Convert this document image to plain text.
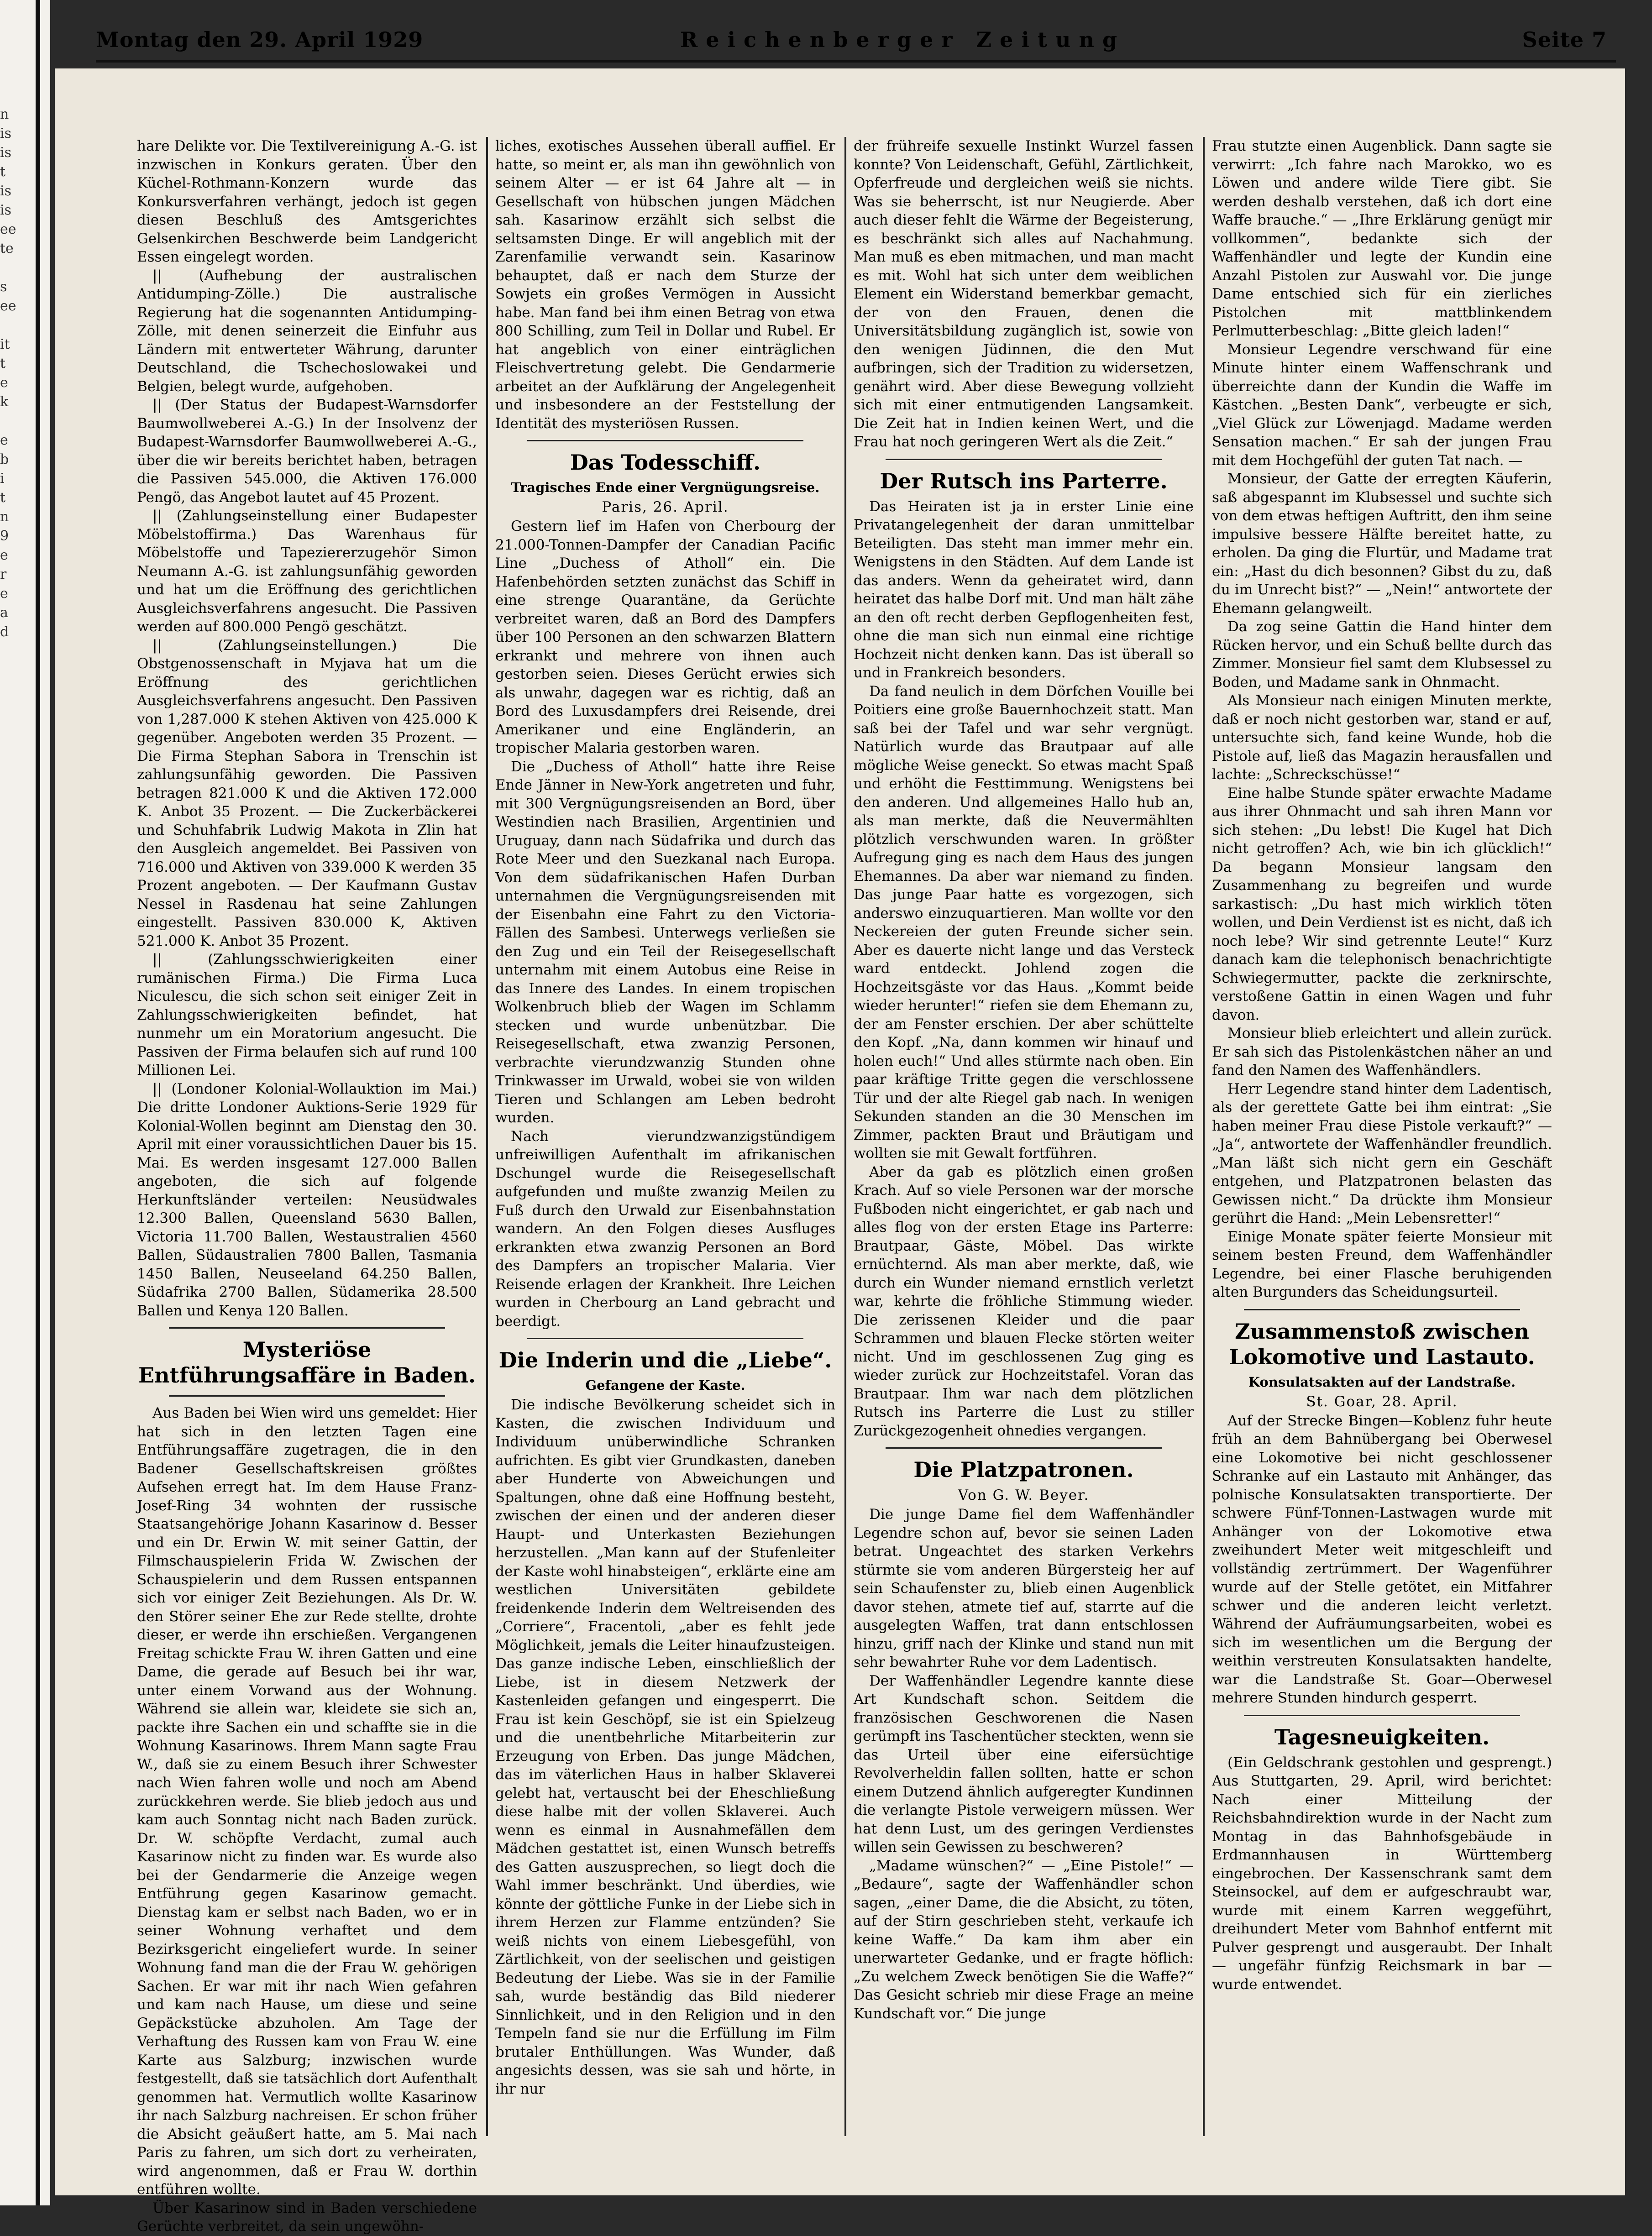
n
is
is
t
is
is
ee
te

s
ee

it
t
e
k

e
b
i
t
n
9
e
r
e
a
d
Montag den 29. April 1929	Reichenberger Zeitung	Seite 7

hare Delikte vor. Die Textilvereinigung A.-G. ist inzwischen in Konkurs geraten. Über den Küchel-Rothmann-Konzern wurde das Konkursverfahren verhängt, jedoch ist gegen diesen Beschluß des Amtsgerichtes Gelsenkirchen Beschwerde beim Landgericht Essen eingelegt worden.

|| (Aufhebung der australischen Antidumping-Zölle.) Die australische Regierung hat die sogenannten Antidumping-Zölle, mit denen seinerzeit die Einfuhr aus Ländern mit entwerteter Währung, darunter Deutschland, die Tschechoslowakei und Belgien, belegt wurde, aufgehoben.

|| (Der Status der Budapest-Warnsdorfer Baumwollweberei A.-G.) In der Insolvenz der Budapest-Warnsdorfer Baumwollweberei A.-G., über die wir bereits berichtet haben, betragen die Passiven 545.000, die Aktiven 176.000 Pengö, das Angebot lautet auf 45 Prozent.

|| (Zahlungseinstellung einer Budapester Möbelstoffirma.) Das Warenhaus für Möbelstoffe und Tapeziererzugehör Simon Neumann A.-G. ist zahlungsunfähig geworden und hat um die Eröffnung des gerichtlichen Ausgleichsverfahrens angesucht. Die Passiven werden auf 800.000 Pengö geschätzt.

|| (Zahlungseinstellungen.) Die Obstgenossenschaft in Myjava hat um die Eröffnung des gerichtlichen Ausgleichsverfahrens angesucht. Den Passiven von 1,287.000 K stehen Aktiven von 425.000 K gegenüber. Angeboten werden 35 Prozent. — Die Firma Stephan Sabora in Trenschin ist zahlungsunfähig geworden. Die Passiven betragen 821.000 K und die Aktiven 172.000 K. Anbot 35 Prozent. — Die Zuckerbäckerei und Schuhfabrik Ludwig Makota in Zlin hat den Ausgleich angemeldet. Bei Passiven von 716.000 und Aktiven von 339.000 K werden 35 Prozent angeboten. — Der Kaufmann Gustav Nessel in Rasdenau hat seine Zahlungen eingestellt. Passiven 830.000 K, Aktiven 521.000 K. Anbot 35 Prozent.

|| (Zahlungsschwierigkeiten einer rumänischen Firma.) Die Firma Luca Niculescu, die sich schon seit einiger Zeit in Zahlungsschwierigkeiten befindet, hat nunmehr um ein Moratorium angesucht. Die Passiven der Firma belaufen sich auf rund 100 Millionen Lei.

|| (Londoner Kolonial-Wollauktion im Mai.) Die dritte Londoner Auktions-Serie 1929 für Kolonial-Wollen beginnt am Dienstag den 30. April mit einer voraussichtlichen Dauer bis 15. Mai. Es werden insgesamt 127.000 Ballen angeboten, die sich auf folgende Herkunftsländer verteilen: Neusüdwales 12.300 Ballen, Queensland 5630 Ballen, Victoria 11.700 Ballen, Westaustralien 4560 Ballen, Südaustralien 7800 Ballen, Tasmania 1450 Ballen, Neuseeland 64.250 Ballen, Südafrika 2700 Ballen, Südamerika 28.500 Ballen und Kenya 120 Ballen.

Mysteriöse Entführungsaffäre in Baden.

Aus Baden bei Wien wird uns gemeldet: Hier hat sich in den letzten Tagen eine Entführungsaffäre zugetragen, die in den Badener Gesellschaftskreisen größtes Aufsehen erregt hat. Im dem Hause Franz-Josef-Ring 34 wohnten der russische Staatsangehörige Johann Kasarinow d. Besser und ein Dr. Erwin W. mit seiner Gattin, der Filmschauspielerin Frida W. Zwischen der Schauspielerin und dem Russen entspannen sich vor einiger Zeit Beziehungen. Als Dr. W. den Störer seiner Ehe zur Rede stellte, drohte dieser, er werde ihn erschießen. Vergangenen Freitag schickte Frau W. ihren Gatten und eine Dame, die gerade auf Besuch bei ihr war, unter einem Vorwand aus der Wohnung. Während sie allein war, kleidete sie sich an, packte ihre Sachen ein und schaffte sie in die Wohnung Kasarinows. Ihrem Mann sagte Frau W., daß sie zu einem Besuch ihrer Schwester nach Wien fahren wolle und noch am Abend zurückkehren werde. Sie blieb jedoch aus und kam auch Sonntag nicht nach Baden zurück. Dr. W. schöpfte Verdacht, zumal auch Kasarinow nicht zu finden war. Es wurde also bei der Gendarmerie die Anzeige wegen Entführung gegen Kasarinow gemacht. Dienstag kam er selbst nach Baden, wo er in seiner Wohnung verhaftet und dem Bezirksgericht eingeliefert wurde. In seiner Wohnung fand man die der Frau W. gehörigen Sachen. Er war mit ihr nach Wien gefahren und kam nach Hause, um diese und seine Gepäckstücke abzuholen. Am Tage der Verhaftung des Russen kam von Frau W. eine Karte aus Salzburg; inzwischen wurde festgestellt, daß sie tatsächlich dort Aufenthalt genommen hat. Vermutlich wollte Kasarinow ihr nach Salzburg nachreisen. Er schon früher die Absicht geäußert hatte, am 5. Mai nach Paris zu fahren, um sich dort zu verheiraten, wird angenommen, daß er Frau W. dorthin entführen wollte.

Über Kasarinow sind in Baden verschiedene Gerüchte verbreitet, da sein ungewöhn-

liches, exotisches Aussehen überall auffiel. Er hatte, so meint er, als man ihn gewöhnlich von seinem Alter — er ist 64 Jahre alt — in Gesellschaft von hübschen jungen Mädchen sah. Kasarinow erzählt sich selbst die seltsamsten Dinge. Er will angeblich mit der Zarenfamilie verwandt sein. Kasarinow behauptet, daß er nach dem Sturze der Sowjets ein großes Vermögen in Aussicht habe. Man fand bei ihm einen Betrag von etwa 800 Schilling, zum Teil in Dollar und Rubel. Er hat angeblich von einer einträglichen Fleischvertretung gelebt. Die Gendarmerie arbeitet an der Aufklärung der Angelegenheit und insbesondere an der Feststellung der Identität des mysteriösen Russen.

Das Todesschiff.
Tragisches Ende einer Vergnügungsreise.
Paris, 26. April.

Gestern lief im Hafen von Cherbourg der 21.000-Tonnen-Dampfer der Canadian Pacific Line „Duchess of Atholl“ ein. Die Hafenbehörden setzten zunächst das Schiff in eine strenge Quarantäne, da Gerüchte verbreitet waren, daß an Bord des Dampfers über 100 Personen an den schwarzen Blattern erkrankt und mehrere von ihnen auch gestorben seien. Dieses Gerücht erwies sich als unwahr, dagegen war es richtig, daß an Bord des Luxusdampfers drei Reisende, drei Amerikaner und eine Engländerin, an tropischer Malaria gestorben waren.

Die „Duchess of Atholl“ hatte ihre Reise Ende Jänner in New-York angetreten und fuhr, mit 300 Vergnügungsreisenden an Bord, über Westindien nach Brasilien, Argentinien und Uruguay, dann nach Südafrika und durch das Rote Meer und den Suezkanal nach Europa. Von dem südafrikanischen Hafen Durban unternahmen die Vergnügungsreisenden mit der Eisenbahn eine Fahrt zu den Victoria-Fällen des Sambesi. Unterwegs verließen sie den Zug und ein Teil der Reisegesellschaft unternahm mit einem Autobus eine Reise in das Innere des Landes. In einem tropischen Wolkenbruch blieb der Wagen im Schlamm stecken und wurde unbenützbar. Die Reisegesellschaft, etwa zwanzig Personen, verbrachte vierundzwanzig Stunden ohne Trinkwasser im Urwald, wobei sie von wilden Tieren und Schlangen am Leben bedroht wurden.

Nach vierundzwanzigstündigem unfreiwilligen Aufenthalt im afrikanischen Dschungel wurde die Reisegesellschaft aufgefunden und mußte zwanzig Meilen zu Fuß durch den Urwald zur Eisenbahnstation wandern. An den Folgen dieses Ausfluges erkrankten etwa zwanzig Personen an Bord des Dampfers an tropischer Malaria. Vier Reisende erlagen der Krankheit. Ihre Leichen wurden in Cherbourg an Land gebracht und beerdigt.

Die Inderin und die „Liebe“.
Gefangene der Kaste.

Die indische Bevölkerung scheidet sich in Kasten, die zwischen Individuum und Individuum unüberwindliche Schranken aufrichten. Es gibt vier Grundkasten, daneben aber Hunderte von Abweichungen und Spaltungen, ohne daß eine Hoffnung besteht, zwischen der einen und der anderen dieser Haupt- und Unterkasten Beziehungen herzustellen. „Man kann auf der Stufenleiter der Kaste wohl hinabsteigen“, erklärte eine am westlichen Universitäten gebildete freidenkende Inderin dem Weltreisenden des „Corriere“, Fracentoli, „aber es fehlt jede Möglichkeit, jemals die Leiter hinaufzusteigen. Das ganze indische Leben, einschließlich der Liebe, ist in diesem Netzwerk der Kastenleiden gefangen und eingesperrt. Die Frau ist kein Geschöpf, sie ist ein Spielzeug und die unentbehrliche Mitarbeiterin zur Erzeugung von Erben. Das junge Mädchen, das im väterlichen Haus in halber Sklaverei gelebt hat, vertauscht bei der Eheschließung diese halbe mit der vollen Sklaverei. Auch wenn es einmal in Ausnahmefällen dem Mädchen gestattet ist, einen Wunsch betreffs des Gatten auszusprechen, so liegt doch die Wahl immer beschränkt. Und überdies, wie könnte der göttliche Funke in der Liebe sich in ihrem Herzen zur Flamme entzünden? Sie weiß nichts von einem Liebesgefühl, von Zärtlichkeit, von der seelischen und geistigen Bedeutung der Liebe. Was sie in der Familie sah, wurde beständig das Bild niederer Sinnlichkeit, und in den Religion und in den Tempeln fand sie nur die Erfüllung im Film brutaler Enthüllungen. Was Wunder, daß angesichts dessen, was sie sah und hörte, in ihr nur

der frühreife sexuelle Instinkt Wurzel fassen konnte? Von Leidenschaft, Gefühl, Zärtlichkeit, Opferfreude und dergleichen weiß sie nichts. Was sie beherrscht, ist nur Neugierde. Aber auch dieser fehlt die Wärme der Begeisterung, es beschränkt sich alles auf Nachahmung. Man muß es eben mitmachen, und man macht es mit. Wohl hat sich unter dem weiblichen Element ein Widerstand bemerkbar gemacht, der von den Frauen, denen die Universitätsbildung zugänglich ist, sowie von den wenigen Jüdinnen, die den Mut aufbringen, sich der Tradition zu widersetzen, genährt wird. Aber diese Bewegung vollzieht sich mit einer entmutigenden Langsamkeit. Die Zeit hat in Indien keinen Wert, und die Frau hat noch geringeren Wert als die Zeit.“

Der Rutsch ins Parterre.

Das Heiraten ist ja in erster Linie eine Privatangelegenheit der daran unmittelbar Beteiligten. Das steht man immer mehr ein. Wenigstens in den Städten. Auf dem Lande ist das anders. Wenn da geheiratet wird, dann heiratet das halbe Dorf mit. Und man hält zähe an den oft recht derben Gepflogenheiten fest, ohne die man sich nun einmal eine richtige Hochzeit nicht denken kann. Das ist überall so und in Frankreich besonders.

Da fand neulich in dem Dörfchen Vouille bei Poitiers eine große Bauernhochzeit statt. Man saß bei der Tafel und war sehr vergnügt. Natürlich wurde das Brautpaar auf alle mögliche Weise geneckt. So etwas macht Spaß und erhöht die Festtimmung. Wenigstens bei den anderen. Und allgemeines Hallo hub an, als man merkte, daß die Neuvermählten plötzlich verschwunden waren. In größter Aufregung ging es nach dem Haus des jungen Ehemannes. Da aber war niemand zu finden. Das junge Paar hatte es vorgezogen, sich anderswo einzuquartieren. Man wollte vor den Neckereien der guten Freunde sicher sein. Aber es dauerte nicht lange und das Versteck ward entdeckt. Johlend zogen die Hochzeitsgäste vor das Haus. „Kommt beide wieder herunter!“ riefen sie dem Ehemann zu, der am Fenster erschien. Der aber schüttelte den Kopf. „Na, dann kommen wir hinauf und holen euch!“ Und alles stürmte nach oben. Ein paar kräftige Tritte gegen die verschlossene Tür und der alte Riegel gab nach. In wenigen Sekunden standen an die 30 Menschen im Zimmer, packten Braut und Bräutigam und wollten sie mit Gewalt fortführen.

Aber da gab es plötzlich einen großen Krach. Auf so viele Personen war der morsche Fußboden nicht eingerichtet, er gab nach und alles flog von der ersten Etage ins Parterre: Brautpaar, Gäste, Möbel. Das wirkte ernüchternd. Als man aber merkte, daß, wie durch ein Wunder niemand ernstlich verletzt war, kehrte die fröhliche Stimmung wieder. Die zerissenen Kleider und die paar Schrammen und blauen Flecke störten weiter nicht. Und im geschlossenen Zug ging es wieder zurück zur Hochzeitstafel. Voran das Brautpaar. Ihm war nach dem plötzlichen Rutsch ins Parterre die Lust zu stiller Zurückgezogenheit ohnedies vergangen.

Die Platzpatronen.
Von G. W. Beyer.

Die junge Dame fiel dem Waffenhändler Legendre schon auf, bevor sie seinen Laden betrat. Ungeachtet des starken Verkehrs stürmte sie vom anderen Bürgersteig her auf sein Schaufenster zu, blieb einen Augenblick davor stehen, atmete tief auf, starrte auf die ausgelegten Waffen, trat dann entschlossen hinzu, griff nach der Klinke und stand nun mit sehr bewahrter Ruhe vor dem Ladentisch.

Der Waffenhändler Legendre kannte diese Art Kundschaft schon. Seitdem die französischen Geschworenen die Nasen gerümpft ins Taschentücher steckten, wenn sie das Urteil über eine eifersüchtige Revolverheldin fallen sollten, hatte er schon einem Dutzend ähnlich aufgeregter Kundinnen die verlangte Pistole verweigern müssen. Wer hat denn Lust, um des geringen Verdienstes willen sein Gewissen zu beschweren?

„Madame wünschen?“ — „Eine Pistole!“ — „Bedaure“, sagte der Waffenhändler schon sagen, „einer Dame, die die Absicht, zu töten, auf der Stirn geschrieben steht, verkaufe ich keine Waffe.“ Da kam ihm aber ein unerwarteter Gedanke, und er fragte höflich: „Zu welchem Zweck benötigen Sie die Waffe?“ Das Gesicht schrieb mir diese Frage an meine Kundschaft vor.“ Die junge

Frau stutzte einen Augenblick. Dann sagte sie verwirrt: „Ich fahre nach Marokko, wo es Löwen und andere wilde Tiere gibt. Sie werden deshalb verstehen, daß ich dort eine Waffe brauche.“ — „Ihre Erklärung genügt mir vollkommen“, bedankte sich der Waffenhändler und legte der Kundin eine Anzahl Pistolen zur Auswahl vor. Die junge Dame entschied sich für ein zierliches Pistolchen mit mattblinkendem Perlmutterbeschlag: „Bitte gleich laden!“

Monsieur Legendre verschwand für eine Minute hinter einem Waffenschrank und überreichte dann der Kundin die Waffe im Kästchen. „Besten Dank“, verbeugte er sich, „Viel Glück zur Löwenjagd. Madame werden Sensation machen.“ Er sah der jungen Frau mit dem Hochgefühl der guten Tat nach. —

Monsieur, der Gatte der erregten Käuferin, saß abgespannt im Klubsessel und suchte sich von dem etwas heftigen Auftritt, den ihm seine impulsive bessere Hälfte bereitet hatte, zu erholen. Da ging die Flurtür, und Madame trat ein: „Hast du dich besonnen? Gibst du zu, daß du im Unrecht bist?“ — „Nein!“ antwortete der Ehemann gelangweilt.

Da zog seine Gattin die Hand hinter dem Rücken hervor, und ein Schuß bellte durch das Zimmer. Monsieur fiel samt dem Klubsessel zu Boden, und Madame sank in Ohnmacht.

Als Monsieur nach einigen Minuten merkte, daß er noch nicht gestorben war, stand er auf, untersuchte sich, fand keine Wunde, hob die Pistole auf, ließ das Magazin herausfallen und lachte: „Schreckschüsse!“

Eine halbe Stunde später erwachte Madame aus ihrer Ohnmacht und sah ihren Mann vor sich stehen: „Du lebst! Die Kugel hat Dich nicht getroffen? Ach, wie bin ich glücklich!“ Da begann Monsieur langsam den Zusammenhang zu begreifen und wurde sarkastisch: „Du hast mich wirklich töten wollen, und Dein Verdienst ist es nicht, daß ich noch lebe? Wir sind getrennte Leute!“ Kurz danach kam die telephonisch benachrichtigte Schwiegermutter, packte die zerknirschte, verstoßene Gattin in einen Wagen und fuhr davon.

Monsieur blieb erleichtert und allein zurück. Er sah sich das Pistolenkästchen näher an und fand den Namen des Waffenhändlers.

Herr Legendre stand hinter dem Ladentisch, als der gerettete Gatte bei ihm eintrat: „Sie haben meiner Frau diese Pistole verkauft?“ — „Ja“, antwortete der Waffenhändler freundlich. „Man läßt sich nicht gern ein Geschäft entgehen, und Platzpatronen belasten das Gewissen nicht.“ Da drückte ihm Monsieur gerührt die Hand: „Mein Lebensretter!“

Einige Monate später feierte Monsieur mit seinem besten Freund, dem Waffenhändler Legendre, bei einer Flasche beruhigenden alten Burgunders das Scheidungsurteil.

Zusammenstoß zwischen Lokomotive und Lastauto.
Konsulatsakten auf der Landstraße.
St. Goar, 28. April.

Auf der Strecke Bingen—Koblenz fuhr heute früh an dem Bahnübergang bei Oberwesel eine Lokomotive bei nicht geschlossener Schranke auf ein Lastauto mit Anhänger, das polnische Konsulatsakten transportierte. Der schwere Fünf-Tonnen-Lastwagen wurde mit Anhänger von der Lokomotive etwa zweihundert Meter weit mitgeschleift und vollständig zertrümmert. Der Wagenführer wurde auf der Stelle getötet, ein Mitfahrer schwer und die anderen leicht verletzt. Während der Aufräumungsarbeiten, wobei es sich im wesentlichen um die Bergung der weithin verstreuten Konsulatsakten handelte, war die Landstraße St. Goar—Oberwesel mehrere Stunden hindurch gesperrt.

Tagesneuigkeiten.

(Ein Geldschrank gestohlen und gesprengt.) Aus Stuttgarten, 29. April, wird berichtet: Nach einer Mitteilung der Reichsbahndirektion wurde in der Nacht zum Montag in das Bahnhofsgebäude in Erdmannhausen in Württemberg eingebrochen. Der Kassenschrank samt dem Steinsockel, auf dem er aufgeschraubt war, wurde mit einem Karren weggeführt, dreihundert Meter vom Bahnhof entfernt mit Pulver gesprengt und ausgeraubt. Der Inhalt — ungefähr fünfzig Reichsmark in bar — wurde entwendet.
